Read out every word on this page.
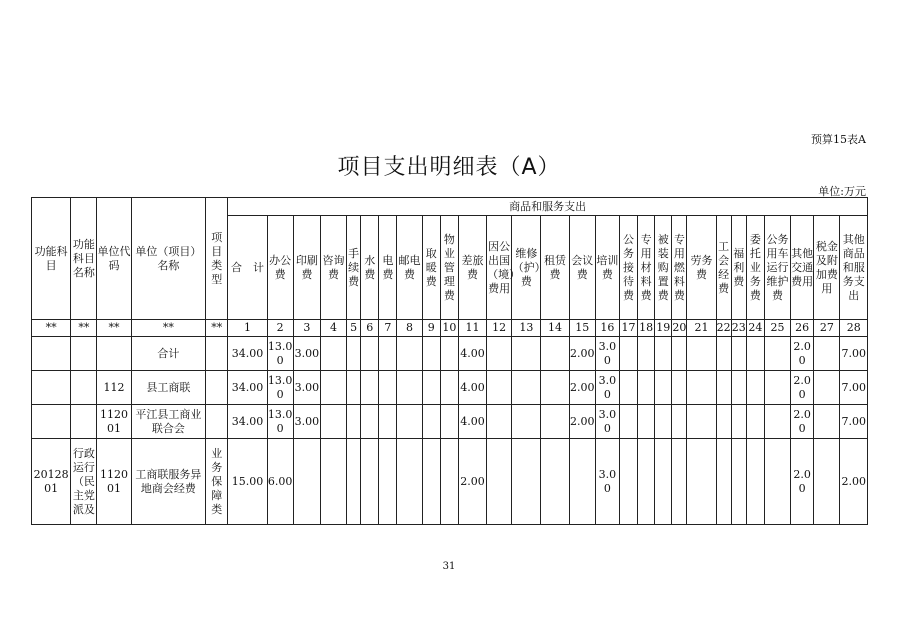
预算15表A
项目支出明细表（A）
单位:万元
功能科目	功能科目名称	单位代码	单位（项目）名称	项目类型	商品和服务支出																											
					合　计	办公费	印刷费	咨询费	手续费	水费	电费	邮电费	取暖费	物业管理费	差旅费	因公出国（境）费用	维修（护）费	租赁费	会议费	培训费	公务接待费	专用材料费	被装购置费	专用燃料费	劳务费	工会经费	福利费	委托业务费	公务用车运行维护费	其他交通费用	税金及附加费用	其他商品和服务支出
**	**	**	**	**	1	2	3	4	5	6	7	8	9	10	11	12	13	14	15	16	17	18	19	20	21	22	23	24	25	26	27	28
			合计		34.00	13.00	3.00								4.00				2.00	3.00										2.00		7.00
		112	县工商联		34.00	13.00	3.00								4.00				2.00	3.00										2.00		7.00
		112001	平江县工商业联合会		34.00	13.00	3.00								4.00				2.00	3.00										2.00		7.00
2012801	行政运行（民主党派及	112001	工商联服务异地商会经费	业务保障类	15.00	6.00									2.00					3.00										2.00		2.00
31
